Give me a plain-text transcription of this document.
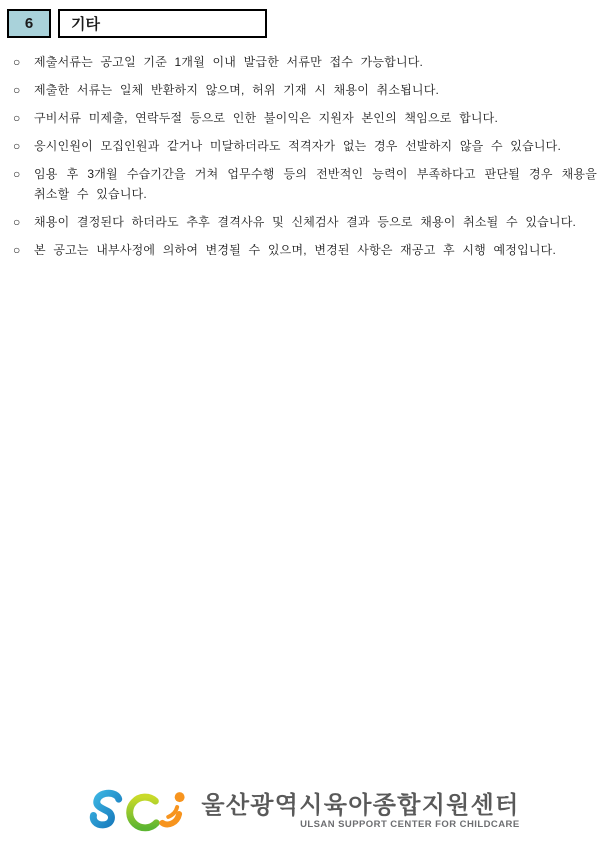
6	기타
○	제출서류는 공고일 기준 1개월 이내 발급한 서류만 접수 가능합니다.
○	제출한 서류는 일체 반환하지 않으며, 허위 기재 시 채용이 취소됩니다.
○	구비서류 미제출, 연락두절 등으로 인한 불이익은 지원자 본인의 책임으로 합니다.
○	응시인원이 모집인원과 같거나 미달하더라도 적격자가 없는 경우 선발하지 않을 수 있습니다.
○	임용 후 3개월 수습기간을 거쳐 업무수행 등의 전반적인 능력이 부족하다고 판단될 경우 채용을 취소할 수 있습니다.
○	채용이 결정된다 하더라도 추후 결격사유 및 신체검사 결과 등으로 채용이 취소될 수 있습니다.
○	본 공고는 내부사정에 의하여 변경될 수 있으며, 변경된 사항은 재공고 후 시행 예정입니다.
울산광역시육아종합지원센터
ULSAN SUPPORT CENTER FOR CHILDCARE
